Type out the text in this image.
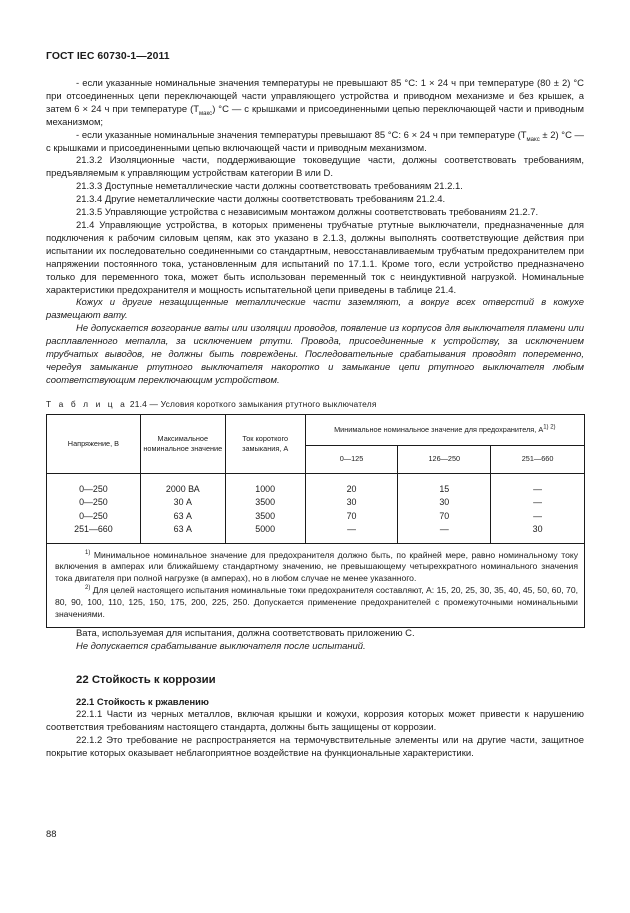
ГОСТ IEC 60730-1—2011

- если указанные номинальные значения температуры не превышают 85 °С: 1 × 24 ч при температуре (80 ± 2) °С при отсоединенных цепи переключающей части управляющего устройства и приводном механизме и без крышек, а затем 6 × 24 ч при температуре $(Т_{макс})$ °С — с крышками и присоединенными цепью переключающей части и приводным механизмом;

- если указанные номинальные значения температуры превышают 85 °С: 6 × 24 ч при температуре $(Т_{макс} \pm 2)$ °С — с крышками и присоединенными цепью включающей части и приводным механизмом.

21.3.2 Изоляционные части, поддерживающие токоведущие части, должны соответствовать требованиям, предъявляемым к управляющим устройствам категории В или D.

21.3.3 Доступные неметаллические части должны соответствовать требованиям 21.2.1.

21.3.4 Другие неметаллические части должны соответствовать требованиям 21.2.4.

21.3.5 Управляющие устройства с независимым монтажом должны соответствовать требованиям 21.2.7.

21.4 Управляющие устройства, в которых применены трубчатые ртутные выключатели, предназначенные для подключения к рабочим силовым цепям, как это указано в 2.1.3, должны выполнять соответствующие действия при испытании их последовательно соединенными со стандартным, невосстанавливаемым трубчатым предохранителем при напряжении постоянного тока, установленным для испытаний по 17.1.1. Кроме того, если устройство предназначено только для переменного тока, может быть использован переменный ток с неиндуктивной нагрузкой. Номинальные характеристики предохранителя и мощность испытательной цепи приведены в таблице 21.4.

Кожух и другие незащищенные металлические части заземляют, а вокруг всех отверстий в кожухе размещают вату.

Не допускается возгорание ваты или изоляции проводов, появление из корпусов для выключателя пламени или расплавленного металла, за исключением ртути. Провода, присоединенные к устройству, за исключением трубчатых выводов, не должны быть повреждены. Последовательные срабатывания проводят попеременно, чередуя замыкание ртутного выключателя накоротко и замыкание цепи ртутного выключателя любым соответствующим переключающим устройством.

Т а б л и ц а 21.4 — Условия короткого замыкания ртутного выключателя
Напряжение, В	Максимальное номинальное значение	Ток короткого замыкания, А	Минимальное номинальное значение для предохранителя, $А^{1) 2)}$
			0—125	126—250	251—660
0—250	2000 ВА	1000	20	15	—
0—250	30 А	3500	30	30	—
0—250	63 А	3500	70	70	—
251—660	63 А	5000	—	—	30

$^{1)}$ Минимальное номинальное значение для предохранителя должно быть, по крайней мере, равно номинальному току включения в амперах или ближайшему стандартному значению, не превышающему четырехкратного номинального значения тока двигателя при полной нагрузке (в амперах), но в любом случае не менее указанного.

$^{2)}$ Для целей настоящего испытания номинальные токи предохранителя составляют, А: 15, 20, 25, 30, 35, 40, 45, 50, 60, 70, 80, 90, 100, 110, 125, 150, 175, 200, 225, 250. Допускается применение предохранителей с промежуточными номинальными значениями.					

Вата, используемая для испытания, должна соответствовать приложению С.

Не допускается срабатывание выключателя после испытаний.

22 Стойкость к коррозии
22.1 Стойкость к ржавлению

22.1.1 Части из черных металлов, включая крышки и кожухи, коррозия которых может привести к нарушению соответствия требованиям настоящего стандарта, должны быть защищены от коррозии.

22.1.2 Это требование не распространяется на термочувствительные элементы или на другие части, защитное покрытие которых оказывает неблагоприятное воздействие на функциональные характеристики.

88
